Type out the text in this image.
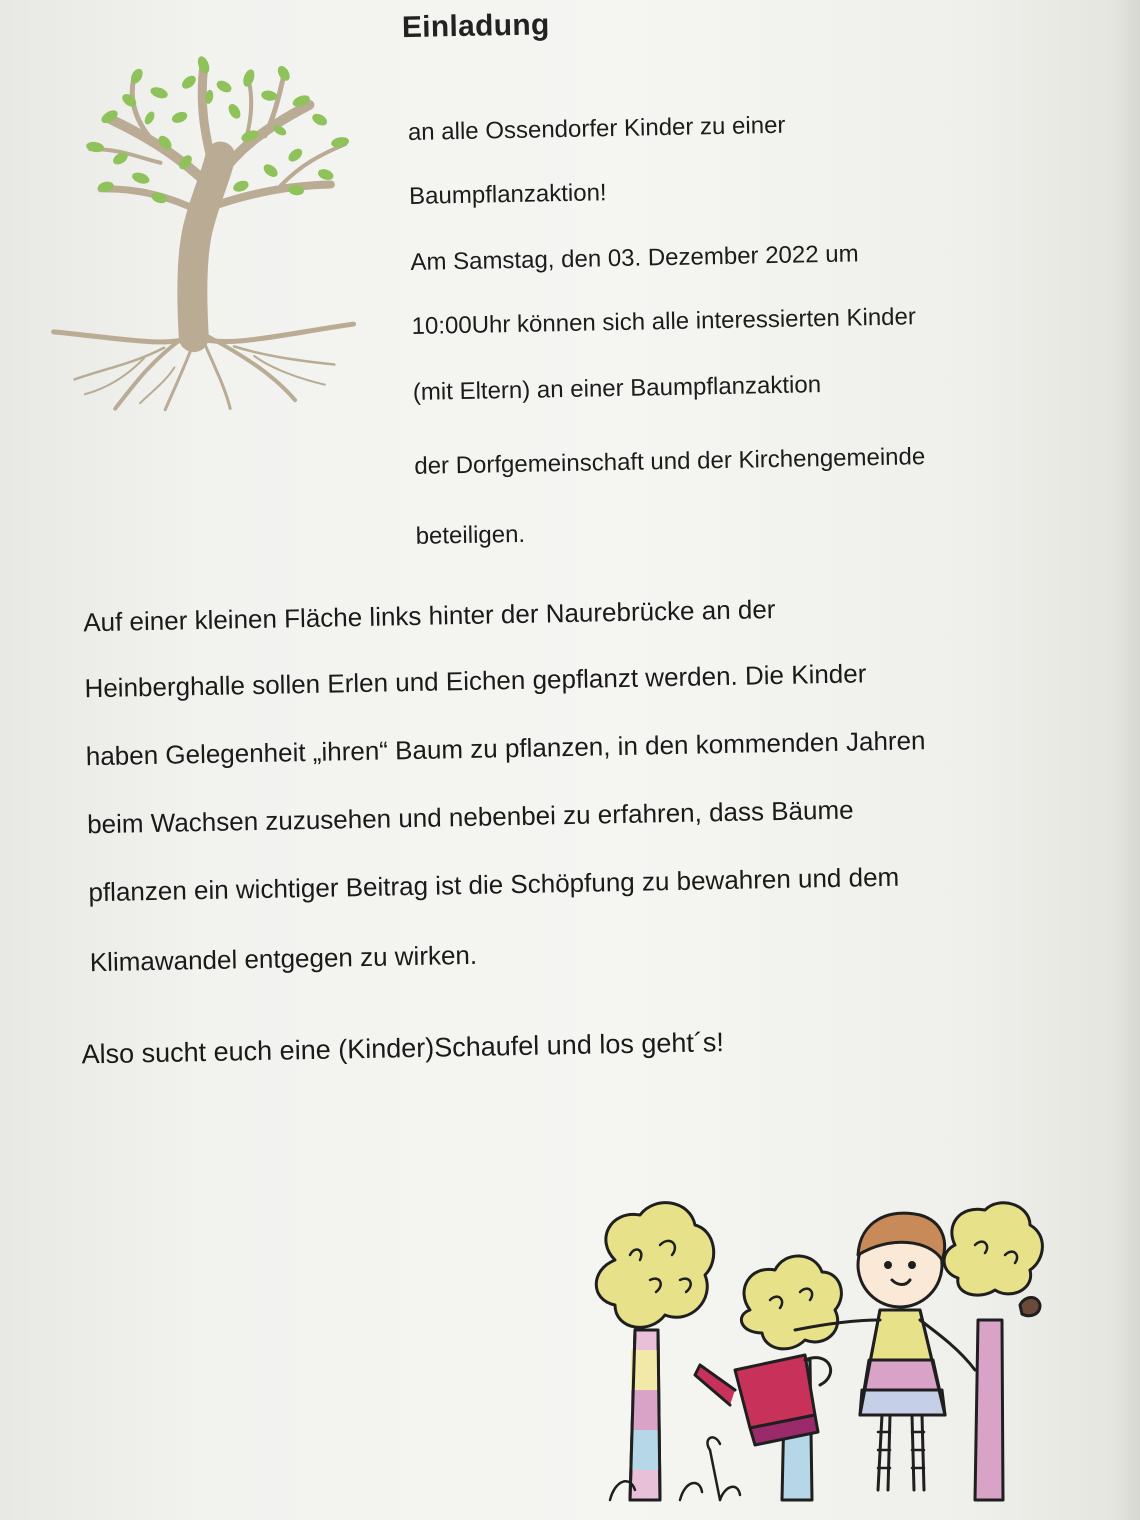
Einladung
an alle Ossendorfer Kinder zu einer
Baumpflanzaktion!
Am Samstag, den 03. Dezember 2022 um
10:00Uhr können sich alle interessierten Kinder
(mit Eltern) an einer Baumpflanzaktion
der Dorfgemeinschaft und der Kirchengemeinde
beteiligen.
Auf einer kleinen Fläche links hinter der Naurebrücke an der
Heinberghalle sollen Erlen und Eichen gepflanzt werden. Die Kinder
haben Gelegenheit „ihren“ Baum zu pflanzen, in den kommenden Jahren
beim Wachsen zuzusehen und nebenbei zu erfahren, dass Bäume
pflanzen ein wichtiger Beitrag ist die Schöpfung zu bewahren und dem
Klimawandel entgegen zu wirken.
Also sucht euch eine (Kinder)Schaufel und los geht´s!
